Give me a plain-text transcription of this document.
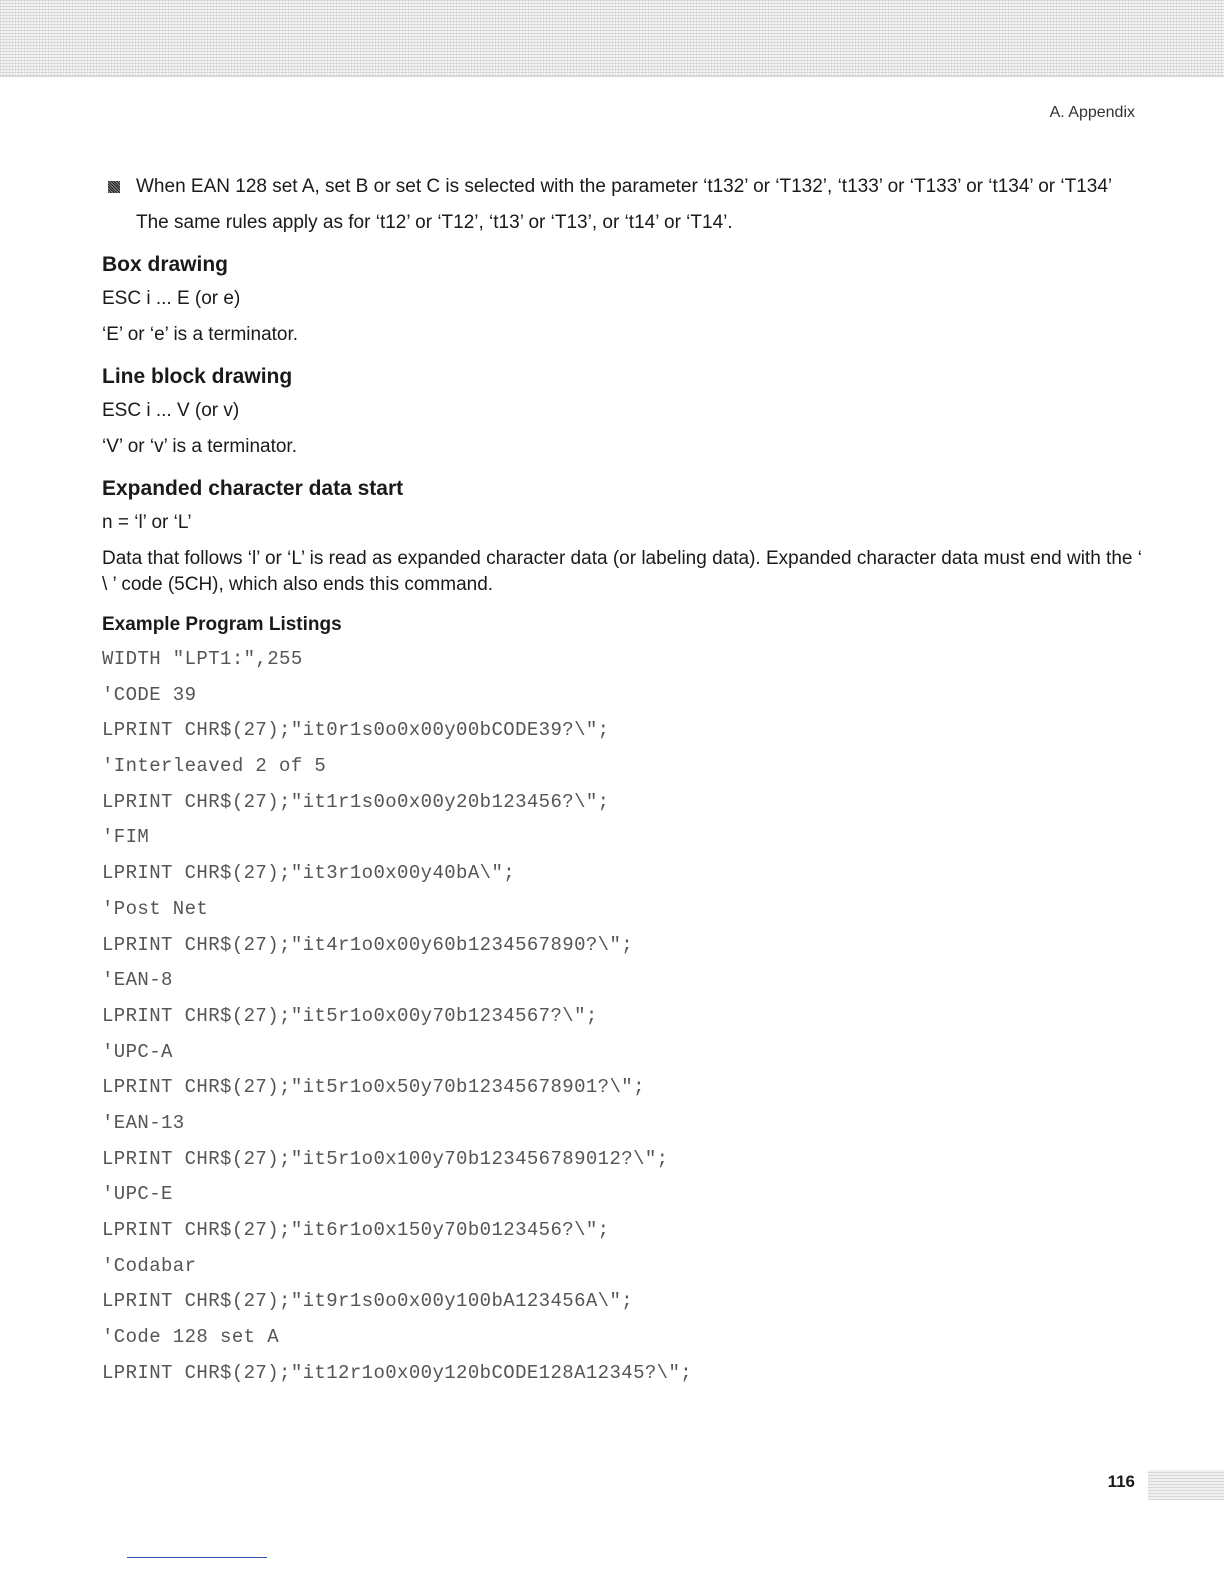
A. Appendix
When EAN 128 set A, set B or set C is selected with the parameter ‘t132’ or ‘T132’, ‘t133’ or ‘T133’ or ‘t134’ or ‘T134’

The same rules apply as for ‘t12’ or ‘T12’, ‘t13’ or ‘T13’, or ‘t14’ or ‘T14’.

Box drawing

ESC i ... E (or e)

‘E’ or ‘e’ is a terminator.

Line block drawing

ESC i ... V (or v)

‘V’ or ‘v’ is a terminator.

Expanded character data start

n = ‘l’ or ‘L’

Data that follows ‘l’ or ‘L’ is read as expanded character data (or labeling data). Expanded character data must end with the ‘ \ ’ code (5CH), which also ends this command.

Example Program Listings
WIDTH "LPT1:",255
'CODE 39
LPRINT CHR$(27);"it0r1s0o0x00y00bCODE39?\";
'Interleaved 2 of 5
LPRINT CHR$(27);"it1r1s0o0x00y20b123456?\";
'FIM
LPRINT CHR$(27);"it3r1o0x00y40bA\";
'Post Net
LPRINT CHR$(27);"it4r1o0x00y60b1234567890?\";
'EAN-8
LPRINT CHR$(27);"it5r1o0x00y70b1234567?\";
'UPC-A
LPRINT CHR$(27);"it5r1o0x50y70b12345678901?\";
'EAN-13
LPRINT CHR$(27);"it5r1o0x100y70b123456789012?\";
'UPC-E
LPRINT CHR$(27);"it6r1o0x150y70b0123456?\";
'Codabar
LPRINT CHR$(27);"it9r1s0o0x00y100bA123456A\";
'Code 128 set A
LPRINT CHR$(27);"it12r1o0x00y120bCODE128A12345?\";
116
